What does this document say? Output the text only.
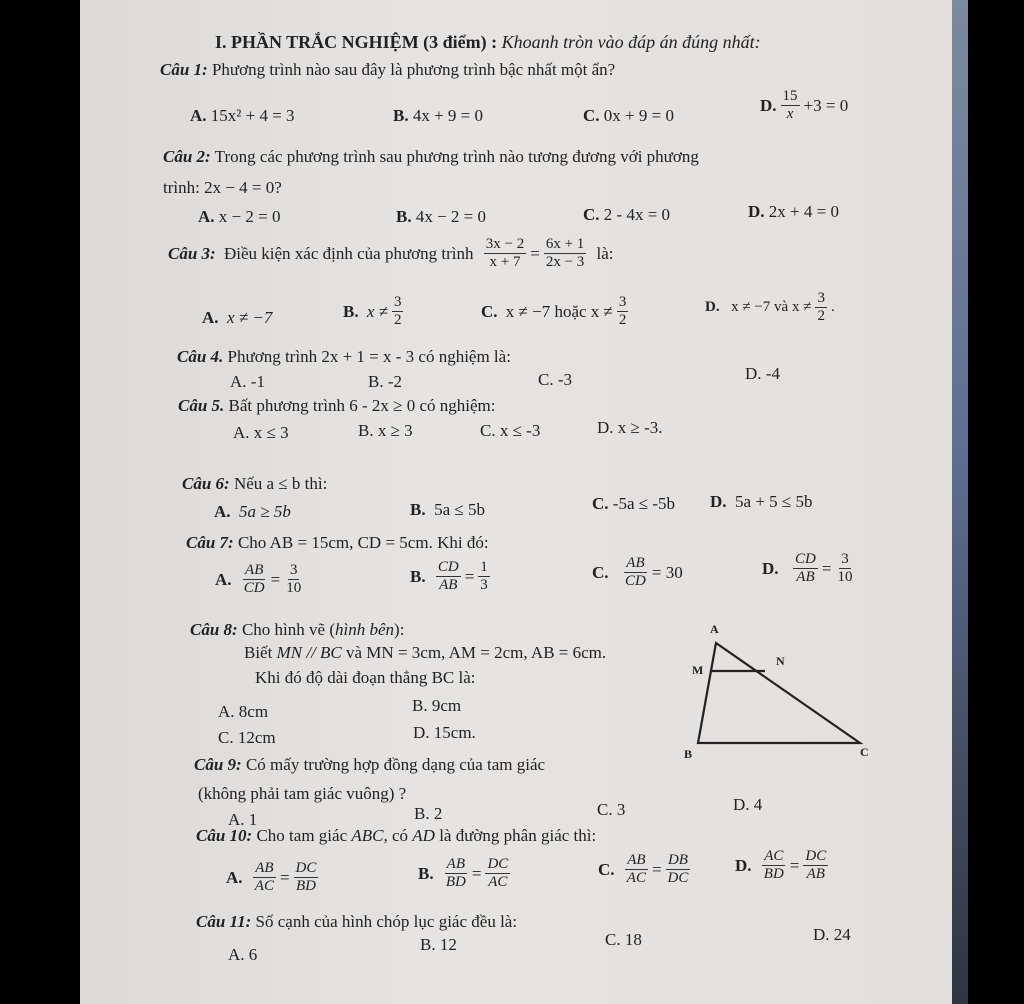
I. PHẦN TRẮC NGHIỆM (3 điểm) : Khoanh tròn vào đáp án đúng nhất:
Câu 1: Phương trình nào sau đây là phương trình bậc nhất một ẩn?
A. 15x² + 4 = 3	B. 4x + 9 = 0	C. 0x + 9 = 0
D. $\frac{15}{x} +3 = 0$
Câu 2: Trong các phương trình sau phương trình nào tương đương với phương
trình: 2x − 4 = 0?
A. x − 2 = 0	B. 4x − 2 = 0	C. 2 - 4x = 0	D. 2x + 4 = 0
Câu 3:
Điều kiện xác định của phương trình
$\frac{3x - 2}{x + 7} = \frac{6x + 1}{2x - 3}$
là:
A. x ≠ −7	B.
$x \ne \frac{3}{2}$	C.
x ≠ −7 hoặc $x \ne \frac{3}{2}$	D.
x ≠ −7 và $x \ne \frac{3}{2}$ .
Câu 4. Phương trình 2x + 1 = x - 3 có nghiệm là:
A. -1	B. -2	C. -3	D. -4
Câu 5. Bất phương trình 6 - 2x ≥ 0 có nghiệm:
A. x ≤ 3	B. x ≥ 3	C. x ≤ -3	D. x ≥ -3.
Câu 6: Nếu a ≤ b thì:
A. 5a ≥ 5b	B. 5a ≤ 5b	C. -5a ≤ -5b D. 5a + 5 ≤ 5b
Câu 7: Cho AB = 15cm, CD = 5cm. Khi đó:
A.
$\frac{AB}{CD} = \frac{3}{10}$	B.
$\frac{CD}{AB} = \frac{1}{3}$	C.
$\frac{AB}{CD} = 30$	D.
$\frac{CD}{AB} = \frac{3}{10}$
Câu 8: Cho hình vẽ (hình bên):
Biết MN // BC và MN = 3cm, AM = 2cm, AB = 6cm.
Khi đó độ dài đoạn thẳng BC là:
A. 8cm	B. 9cm
C. 12cm	D. 15cm.
A
M
N
B	C
Câu 9: Có mấy trường hợp đồng dạng của tam giác
(không phải tam giác vuông) ?
A. 1	B. 2	C. 3	D. 4
Câu 10: Cho tam giác ABC, có AD là đường phân giác thì:
A.
$\frac{AB}{AC} = \frac{DC}{BD}$	B.
$\frac{AB}{BD} = \frac{DC}{AC}$	C.
$\frac{AB}{AC} = \frac{DB}{DC}$	D.
$\frac{AC}{BD} = \frac{DC}{AB}$
Câu 11: Số cạnh của hình chóp lục giác đều là:
A. 6
B. 12	C. 18	D. 24
